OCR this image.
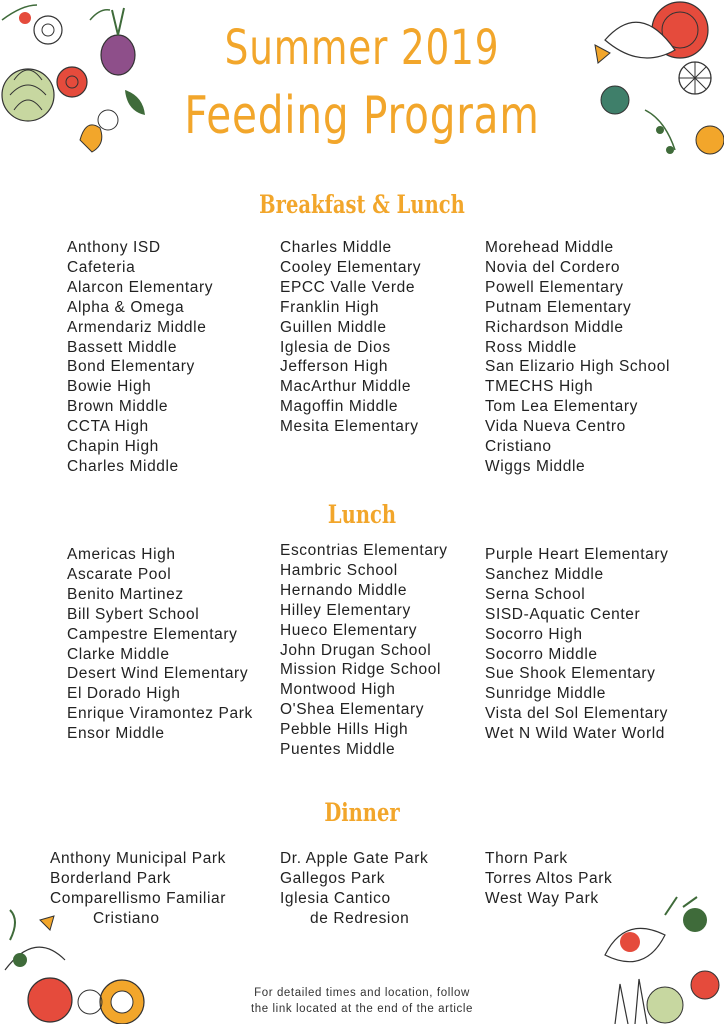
Summer 2019
Feeding Program
Breakfast & Lunch
Anthony ISD
Cafeteria
Alarcon Elementary
Alpha & Omega
Armendariz Middle
Bassett Middle
Bond Elementary
Bowie High
Brown Middle
CCTA High
Chapin High
Charles Middle
Charles Middle
Cooley Elementary
EPCC Valle Verde
Franklin High
Guillen Middle
Iglesia de Dios
Jefferson High
MacArthur Middle
Magoffin Middle
Mesita Elementary
Morehead Middle
Novia del Cordero
Powell Elementary
Putnam Elementary
Richardson Middle
Ross Middle
San Elizario High School
TMECHS High
Tom Lea Elementary
Vida Nueva Centro
Cristiano
Wiggs Middle
Lunch
Americas High
Ascarate Pool
Benito Martinez
Bill Sybert School
Campestre Elementary
Clarke Middle
Desert Wind Elementary
El Dorado High
Enrique Viramontez Park
Ensor Middle
Escontrias Elementary
Hambric School
Hernando Middle
Hilley Elementary
Hueco Elementary
John Drugan School
Mission Ridge School
Montwood High
O'Shea Elementary
Pebble Hills High
Puentes Middle
Purple Heart Elementary
Sanchez Middle
Serna School
SISD-Aquatic Center
Socorro High
Socorro Middle
Sue Shook Elementary
Sunridge Middle
Vista del Sol Elementary
Wet N Wild Water World
Dinner
Anthony Municipal Park
Borderland Park
Comparellismo Familiar
Cristiano
Dr. Apple Gate Park
Gallegos Park
Iglesia Cantico
de Redresion
Thorn Park
Torres Altos Park
West Way Park
For detailed times and location, follow
the link located at the end of the article
